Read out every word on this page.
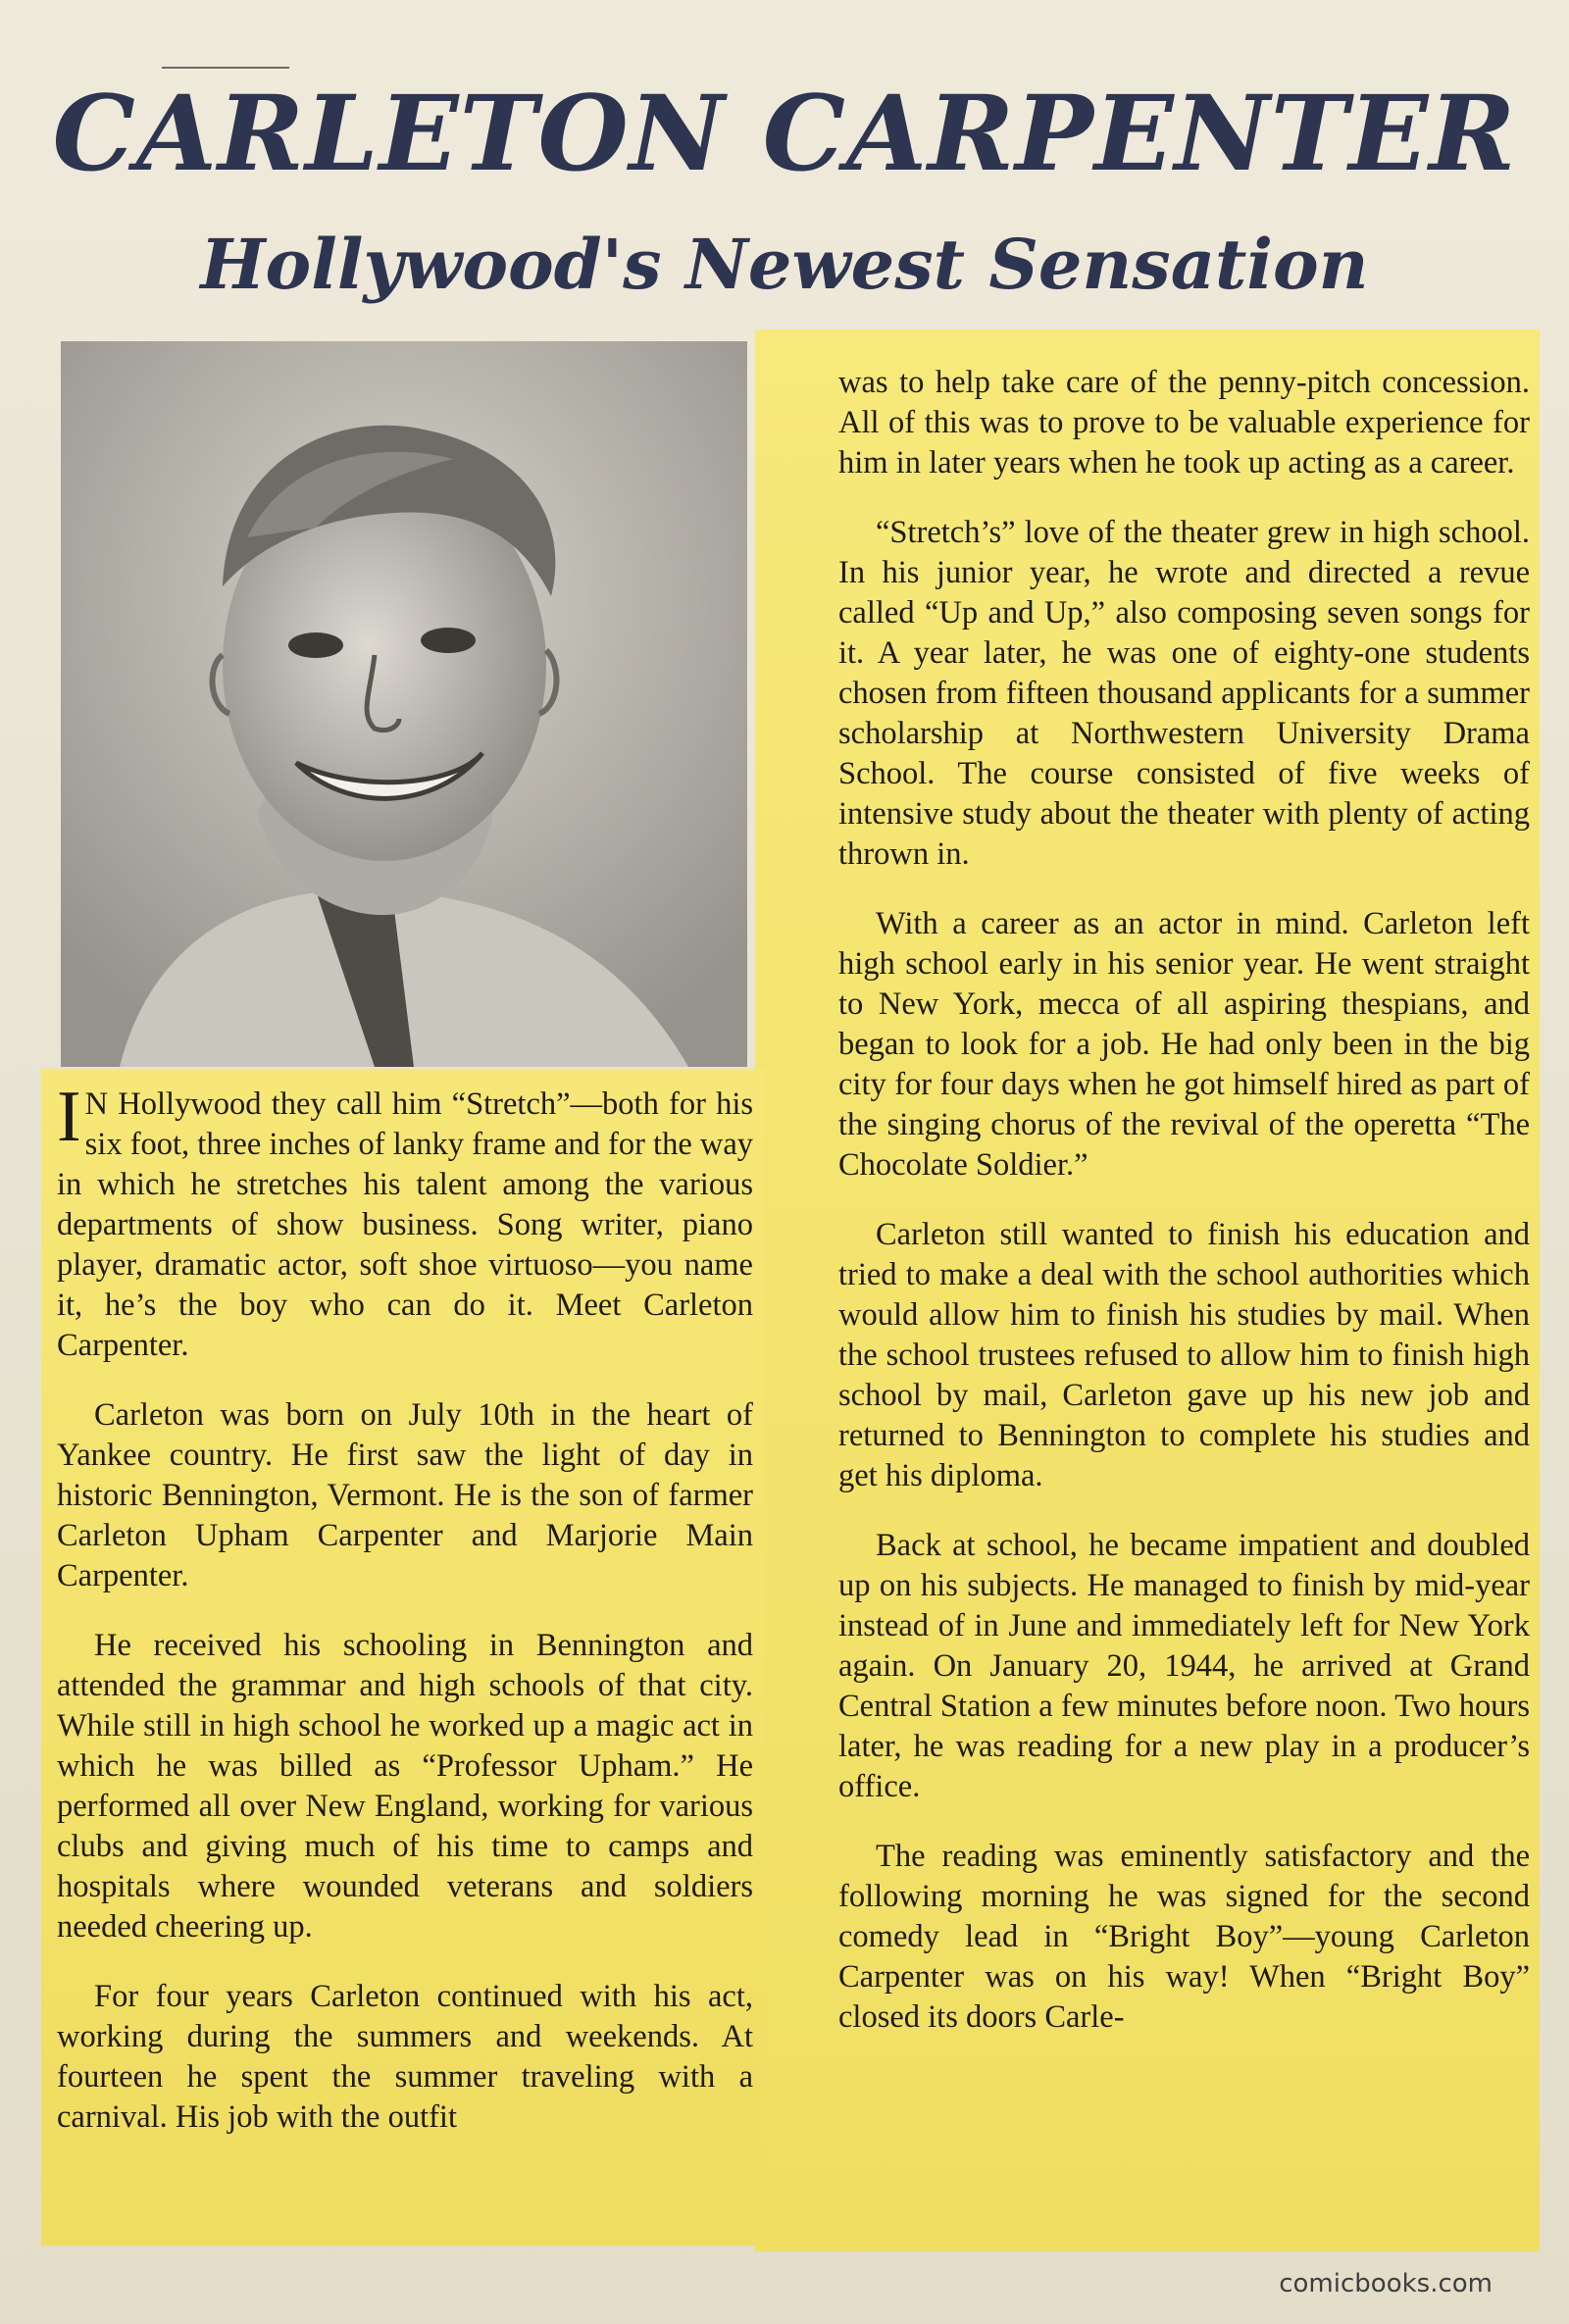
CARLETON CARPENTER
Hollywood's Newest Sensation

I N Hollywood they call him “Stretch”—both for his six foot, three inches of lanky frame and for the way in which he stretches his talent among the various departments of show business. Song writer, piano player, dramatic actor, soft shoe virtuoso—you name it, he’s the boy who can do it. Meet Carleton Carpenter.

Carleton was born on July 10th in the heart of Yankee country. He first saw the light of day in historic Bennington, Vermont. He is the son of farmer Carleton Upham Carpenter and Marjorie Main Carpenter.

He received his schooling in Bennington and attended the grammar and high schools of that city. While still in high school he worked up a magic act in which he was billed as “Professor Upham.” He performed all over New England, working for various clubs and giving much of his time to camps and hospitals where wounded veterans and soldiers needed cheering up.

For four years Carleton continued with his act, working during the summers and weekends. At fourteen he spent the summer traveling with a carnival. His job with the outfit

was to help take care of the penny-pitch concession. All of this was to prove to be valuable experience for him in later years when he took up acting as a career.

“Stretch’s” love of the theater grew in high school. In his junior year, he wrote and directed a revue called “Up and Up,” also composing seven songs for it. A year later, he was one of eighty-one students chosen from fifteen thousand applicants for a summer scholarship at Northwestern University Drama School. The course consisted of five weeks of intensive study about the theater with plenty of acting thrown in.

With a career as an actor in mind. Carleton left high school early in his senior year. He went straight to New York, mecca of all aspiring thespians, and began to look for a job. He had only been in the big city for four days when he got himself hired as part of the singing chorus of the revival of the operetta “The Chocolate Soldier.”

Carleton still wanted to finish his education and tried to make a deal with the school authorities which would allow him to finish his studies by mail. When the school trustees refused to allow him to finish high school by mail, Carleton gave up his new job and returned to Bennington to complete his studies and get his diploma.

Back at school, he became impatient and doubled up on his subjects. He managed to finish by mid-year instead of in June and immediately left for New York again. On January 20, 1944, he arrived at Grand Central Station a few minutes before noon. Two hours later, he was reading for a new play in a producer’s office.

The reading was eminently satisfactory and the following morning he was signed for the second comedy lead in “Bright Boy”—young Carleton Carpenter was on his way! When “Bright Boy” closed its doors Carle-

comicbooks.com
